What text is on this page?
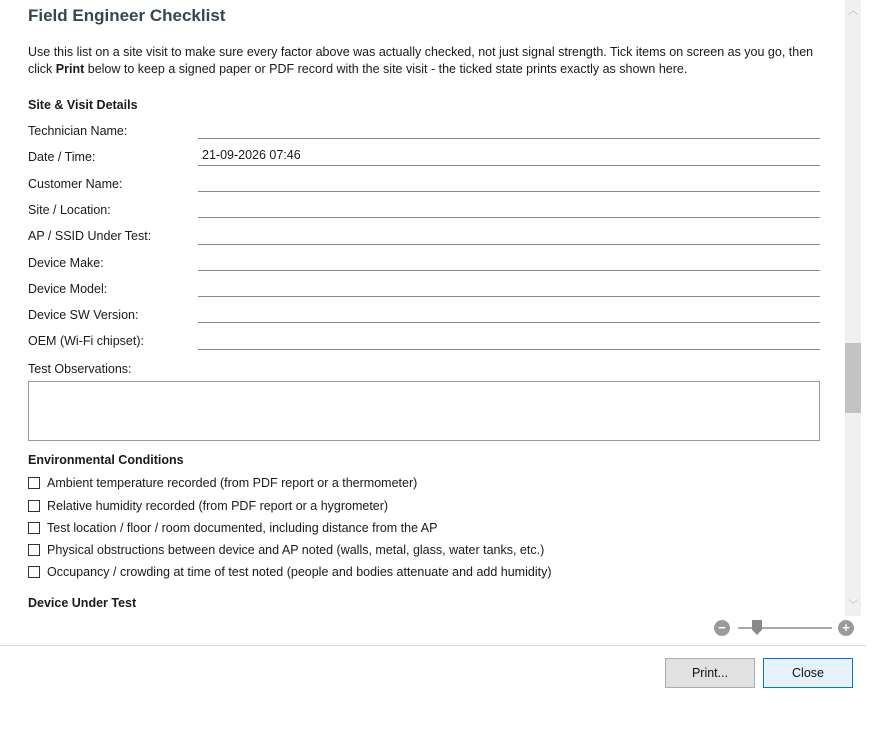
Field Engineer Checklist
Use this list on a site visit to make sure every factor above was actually checked, not just signal strength. Tick items on screen as you go, then click Print below to keep a signed paper or PDF record with the site visit - the ticked state prints exactly as shown here.
Site & Visit Details
Technician Name:
Date / Time:	21-09-2026 07:46
Customer Name:
Site / Location:
AP / SSID Under Test:
Device Make:
Device Model:
Device SW Version:
OEM (Wi-Fi chipset):
Test Observations:
Environmental Conditions
Ambient temperature recorded (from PDF report or a thermometer)
Relative humidity recorded (from PDF report or a hygrometer)
Test location / floor / room documented, including distance from the AP
Physical obstructions between device and AP noted (walls, metal, glass, water tanks, etc.)
Occupancy / crowding at time of test noted (people and bodies attenuate and add humidity)
Device Under Test
︿
﹀
−	+
Print...	Close
